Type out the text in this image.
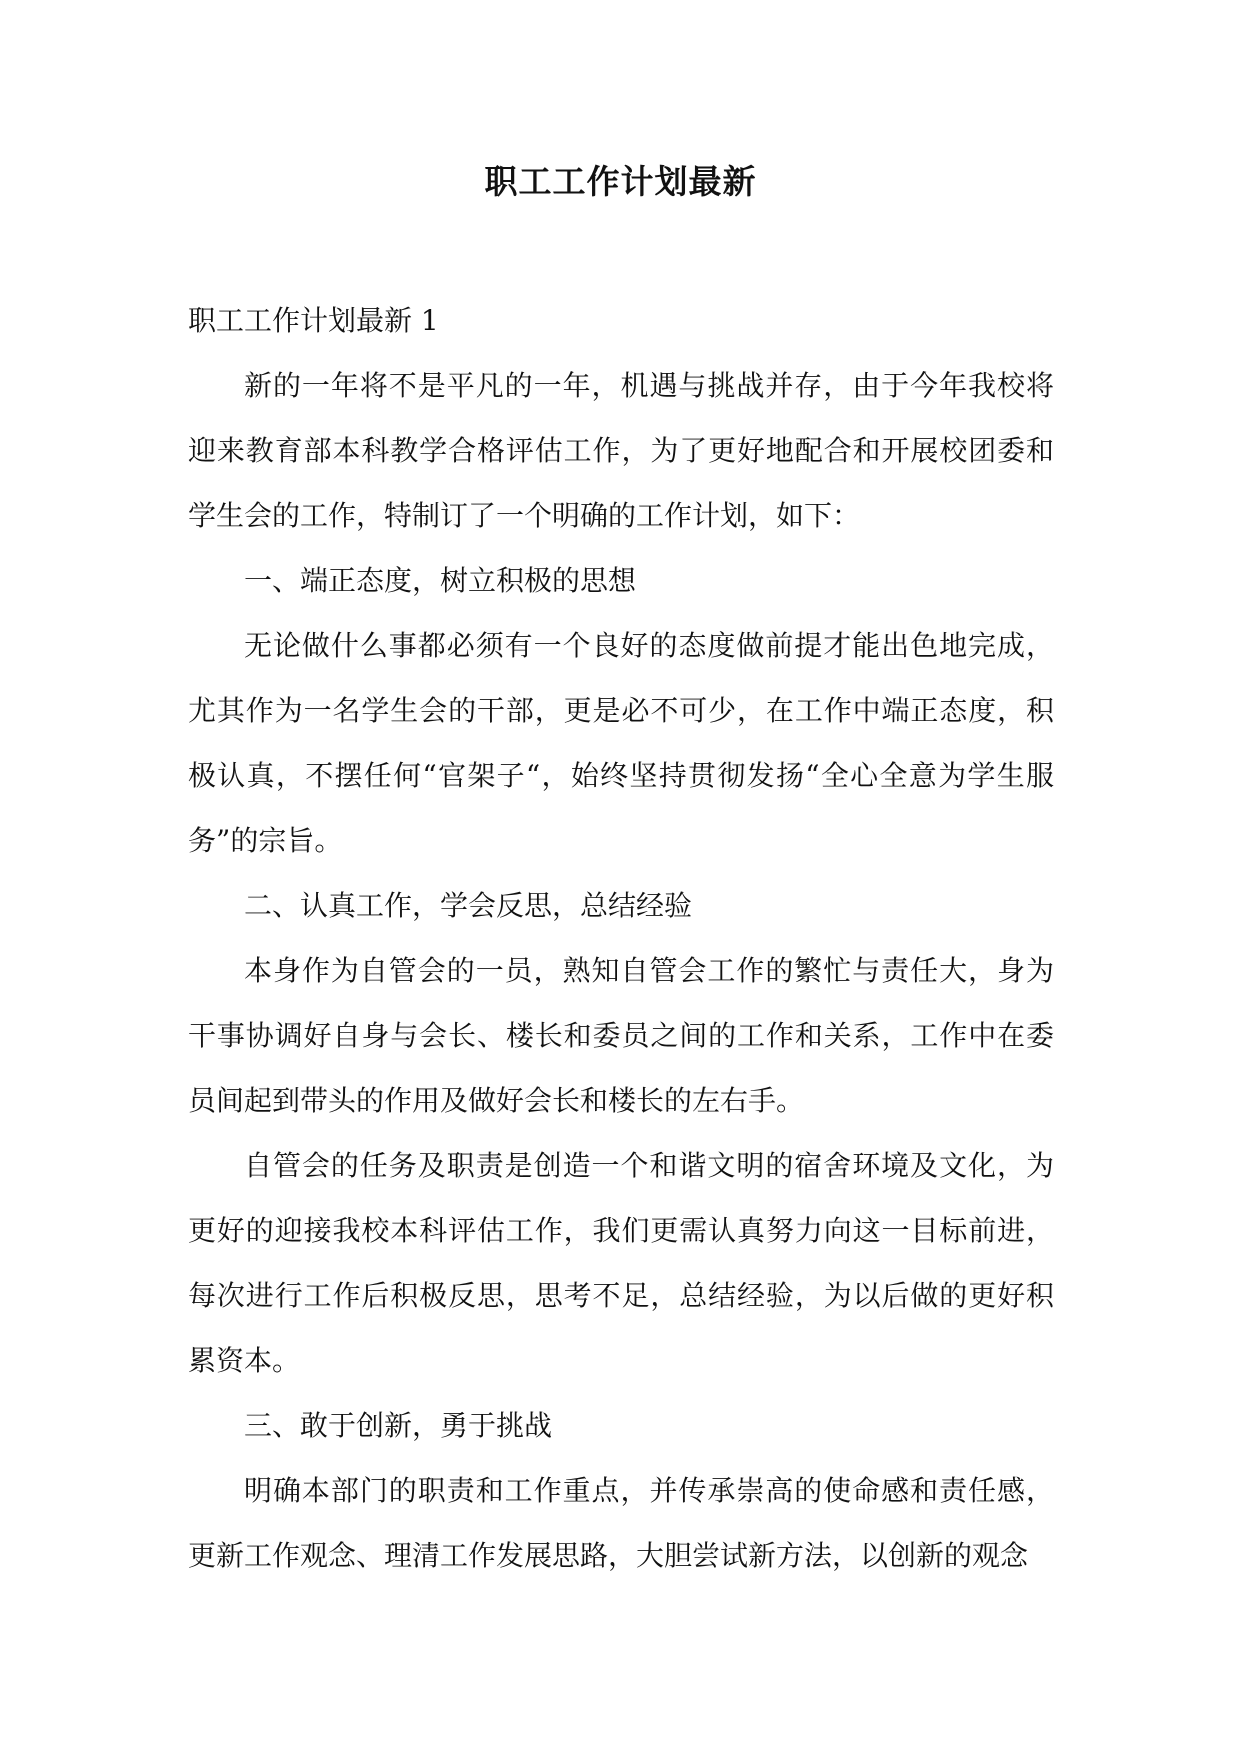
职工工作计划最新

职工工作计划最新 1

新的一年将不是平凡的一年，机遇与挑战并存，由于今年我校将迎来教育部本科教学合格评估工作，为了更好地配合和开展校团委和学生会的工作，特制订了一个明确的工作计划，如下：

一、端正态度，树立积极的思想

无论做什么事都必须有一个良好的态度做前提才能出色地完成，尤其作为一名学生会的干部，更是必不可少，在工作中端正态度，积极认真，不摆任何“官架子“，始终坚持贯彻发扬“全心全意为学生服务”的宗旨。

二、认真工作，学会反思，总结经验

本身作为自管会的一员，熟知自管会工作的繁忙与责任大，身为干事协调好自身与会长、楼长和委员之间的工作和关系，工作中在委员间起到带头的作用及做好会长和楼长的左右手。

自管会的任务及职责是创造一个和谐文明的宿舍环境及文化，为更好的迎接我校本科评估工作，我们更需认真努力向这一目标前进，每次进行工作后积极反思，思考不足，总结经验，为以后做的更好积累资本。

三、敢于创新，勇于挑战

明确本部门的职责和工作重点，并传承崇高的使命感和责任感，更新工作观念、理清工作发展思路，大胆尝试新方法，以创新的观念
